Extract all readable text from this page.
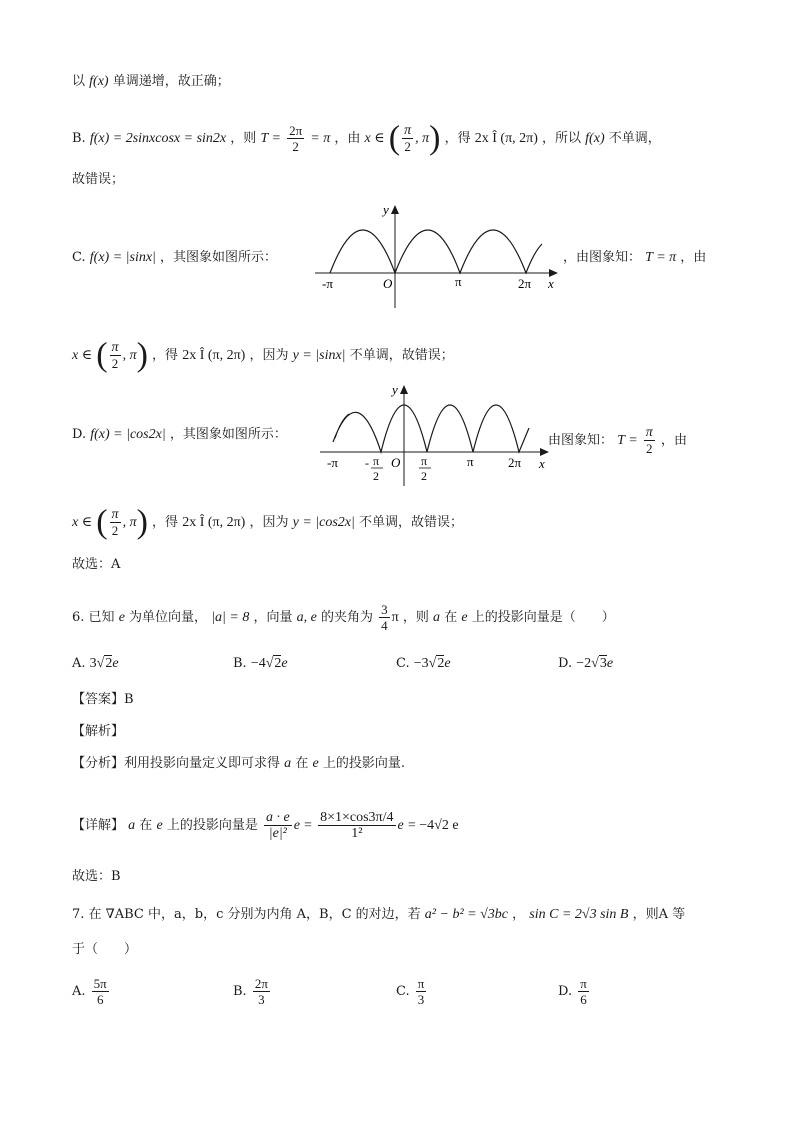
以 f(x) 单调递增，故正确；
B. f(x) = 2sinxcosx = sin2x ，则 $T = \frac{2\pi}{2} = \pi$ ，由 x ∈ ( $\frac{\pi}{2}$ , π) ，得 2x Î (π, 2π) ，所以 f(x) 不单调，
故错误；
C. f(x) = |sinx| ，其图象如图所示：
y
x
O
-π	π	2π
，由图象知： T = π ，由
x ∈ ( $\frac{\pi}{2}$ , π) ，得 2x Î (π, 2π) ，因为 y = |sinx| 不单调，故错误；
D. f(x) = |cos2x| ，其图象如图所示：
y
x
O
-π - π
2
π
2
π	2π
由图象知： $T = \frac{\pi}{2}$ ，由
x ∈ ( $\frac{\pi}{2}$ , π) ，得 2x Î (π, 2π) ，因为 y = |cos2x| 不单调，故错误；
故选：A
6. 已知 e 为单位向量， |a| = 8 ，向量 a, e 的夹角为 $\frac{3}{4}$ π ，则 a 在 e 上的投影向量是（　　）
A. 3√2e	B. −4√2e	C. −3√2e	D. −2√3e
【答案】B
【解析】
【分析】利用投影向量定义即可求得 a 在 e 上的投影向量.
【详解】 a 在 e 上的投影向量是 $\frac{a \cdot e}{\text{|e|²}}$ $e = \frac{8\times 1\times\cos 3\pi/4}{\text{1²}}$ e = −4√2 e
故选：B
7. 在 ∇ABC 中，a，b，c 分别为内角 A，B，C 的对边，若 a² − b² = √3bc ， sin C = 2√3 sin B ，则A 等
于（　　）
A. $\frac{5\pi}{6}$	B. $\frac{2\pi}{3}$	C. $\frac{\pi}{3}$	D. $\frac{\pi}{6}$
